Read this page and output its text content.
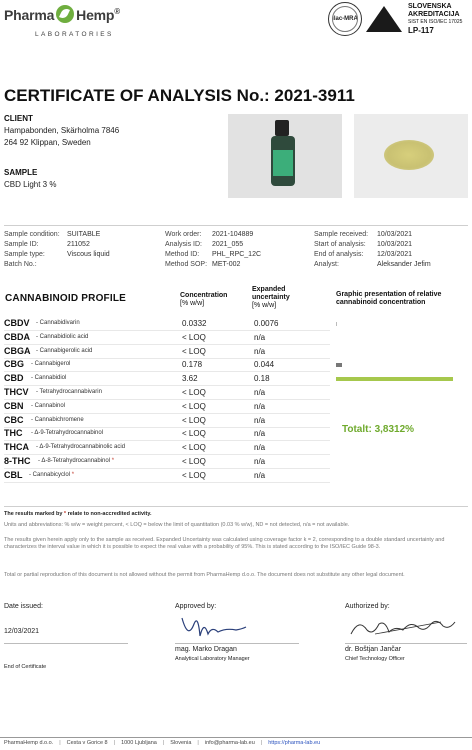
Pharma Hemp®
LABORATORIES
ilac-MRA
SLOVENSKA
AKREDITACIJA
SIST EN ISO/IEC 17025
LP-117
CERTIFICATE OF ANALYSIS No.: 2021-3911
CLIENT
Hampabonden, Skärholma 7846
264 92 Klippan, Sweden
SAMPLE
CBD Light 3 %
Sample condition: SUITABLE
Sample ID:	211052
Sample type:	Viscous liquid
Batch No.:
Work order: 2021-104889
Analysis ID: 2021_055
Method ID: PHL_RPC_12C
Method SOP: MET-002
Sample received: 10/03/2021
Start of analysis: 10/03/2021
End of analysis: 12/03/2021
Analyst:	Aleksander Jefim
CANNABINOID PROFILE	Concentration
[% w/w]
Expanded
uncertainty
[% w/w]
Graphic presentation of relative cannabinoid concentration
CBDV - Cannabidivarin	0.0332	0.0076
CBDA - Cannabidiolic acid	< LOQ	n/a
CBGA - Cannabigerolic acid	< LOQ	n/a
CBG - Cannabigerol	0.178	0.044
CBD - Cannabidiol	3.62	0.18
THCV - Tetrahydrocannabivarin	< LOQ	n/a
CBN - Cannabinol	< LOQ	n/a
CBC - Cannabichromene	< LOQ	n/a
THC - Δ-9-Tetrahydrocannabinol	< LOQ	n/a
THCA - Δ-9-Tetrahydrocannabinolic acid	< LOQ	n/a
8-THC - Δ-8-Tetrahydrocannabinol *	< LOQ	n/a
CBL - Cannabicyclol *	< LOQ	n/a
Totalt: 3,8312%
The results marked by * relate to non-accredited activity.
Units and abbreviations: % w/w = weight percent, < LOQ = below the limit of quantitation (0.03 % w/w), ND = not detected, n/a = not available.
The results given herein apply only to the sample as received. Expanded Uncertainty was calculated using coverage factor k = 2, corresponding to a double standard uncertainty and characterizes the interval value in which it is possible to expect the real value with a probability of 95%. This is stated according to the ISO/IEC Guide 98-3.
Total or partial reproduction of this document is not allowed without the permit from PharmaHemp d.o.o. The document does not substitute any other legal document.
Date issued:
12/03/2021
Approved by:
mag. Marko Dragan
Analytical Laboratory Manager
Authorized by:
dr. Boštjan Jančar
Chief Technology Officer
End of Certificate
PharmaHemp d.o.o. | Cesta v Gorice 8 | 1000 Ljubljana | Slovenia | info@pharma-lab.eu | https://pharma-lab.eu
